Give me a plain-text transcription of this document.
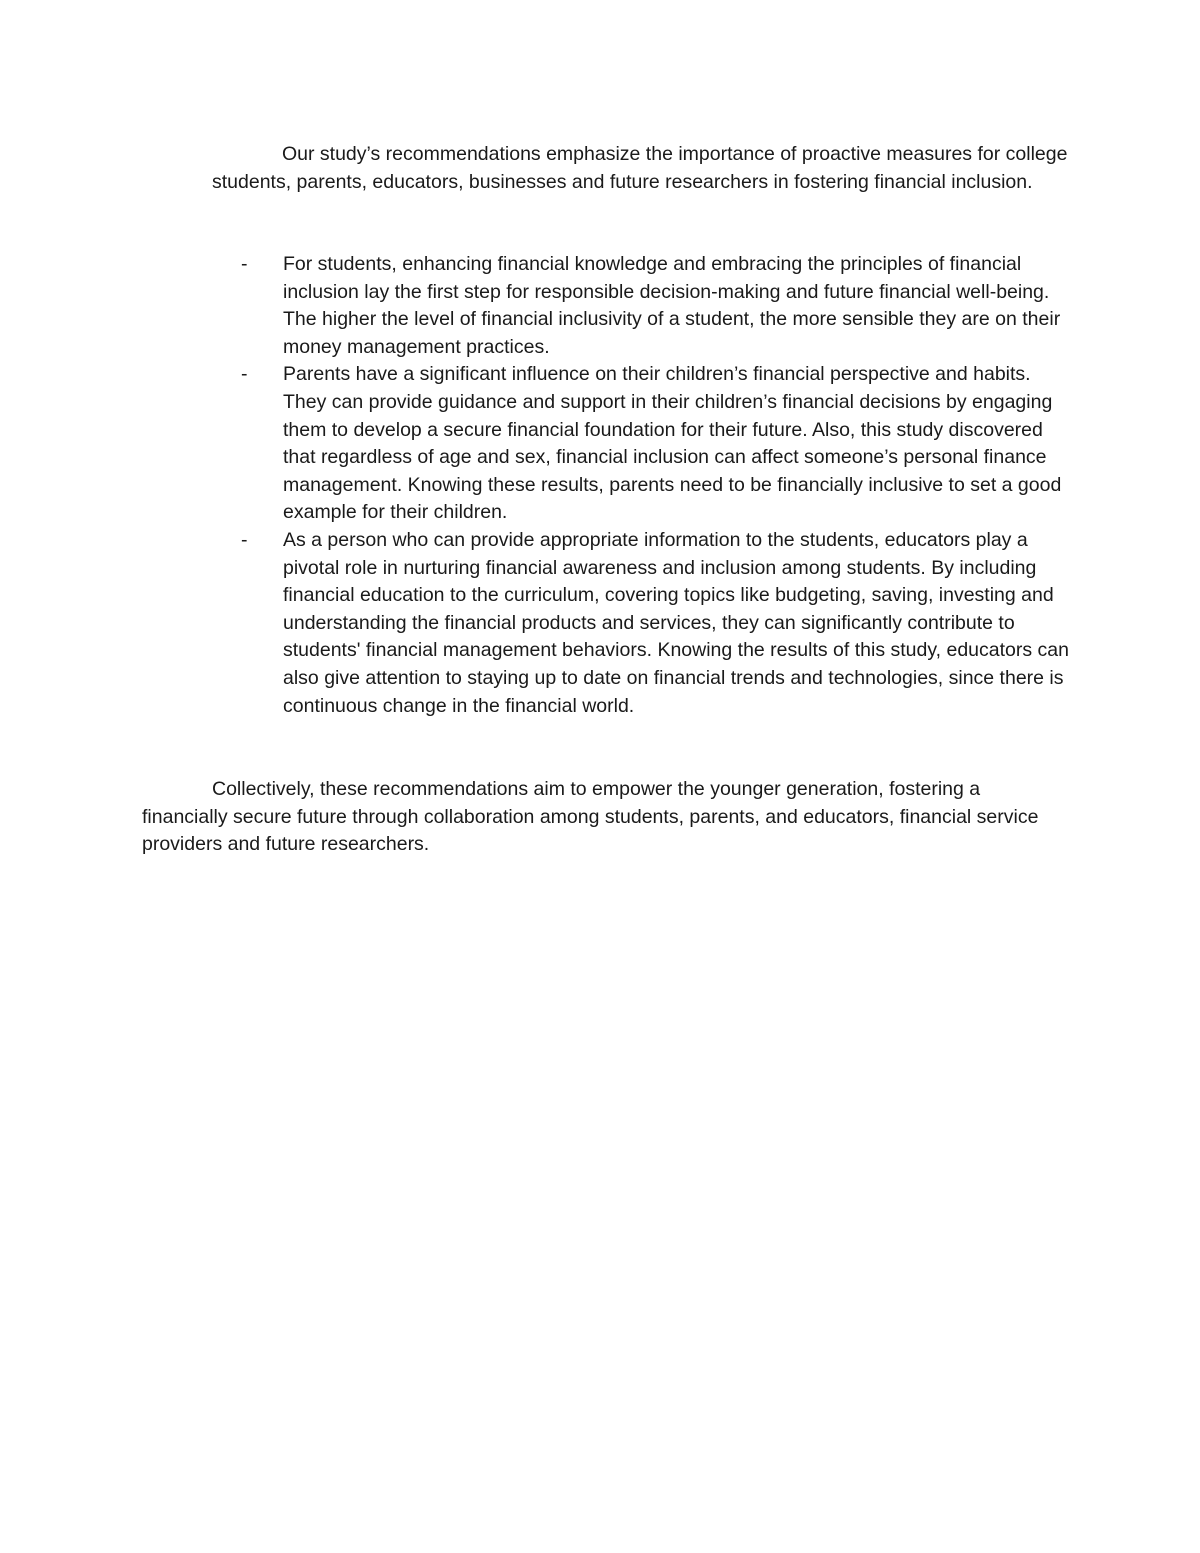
Our study’s recommendations emphasize the importance of proactive measures for college students, parents, educators, businesses and future researchers in fostering financial inclusion.

- For students, enhancing financial knowledge and embracing the principles of financial inclusion lay the first step for responsible decision-making and future financial well-being. The higher the level of financial inclusivity of a student, the more sensible they are on their money management practices.
- Parents have a significant influence on their children’s financial perspective and habits. They can provide guidance and support in their children’s financial decisions by engaging them to develop a secure financial foundation for their future. Also, this study discovered that regardless of age and sex, financial inclusion can affect someone’s personal finance management. Knowing these results, parents need to be financially inclusive to set a good example for their children.
- As a person who can provide appropriate information to the students, educators play a pivotal role in nurturing financial awareness and inclusion among students. By including financial education to the curriculum, covering topics like budgeting, saving, investing and understanding the financial products and services, they can significantly contribute to students' financial management behaviors. Knowing the results of this study, educators can also give attention to staying up to date on financial trends and technologies, since there is continuous change in the financial world.

Collectively, these recommendations aim to empower the younger generation, fostering a financially secure future through collaboration among students, parents, and educators, financial service providers and future researchers.
